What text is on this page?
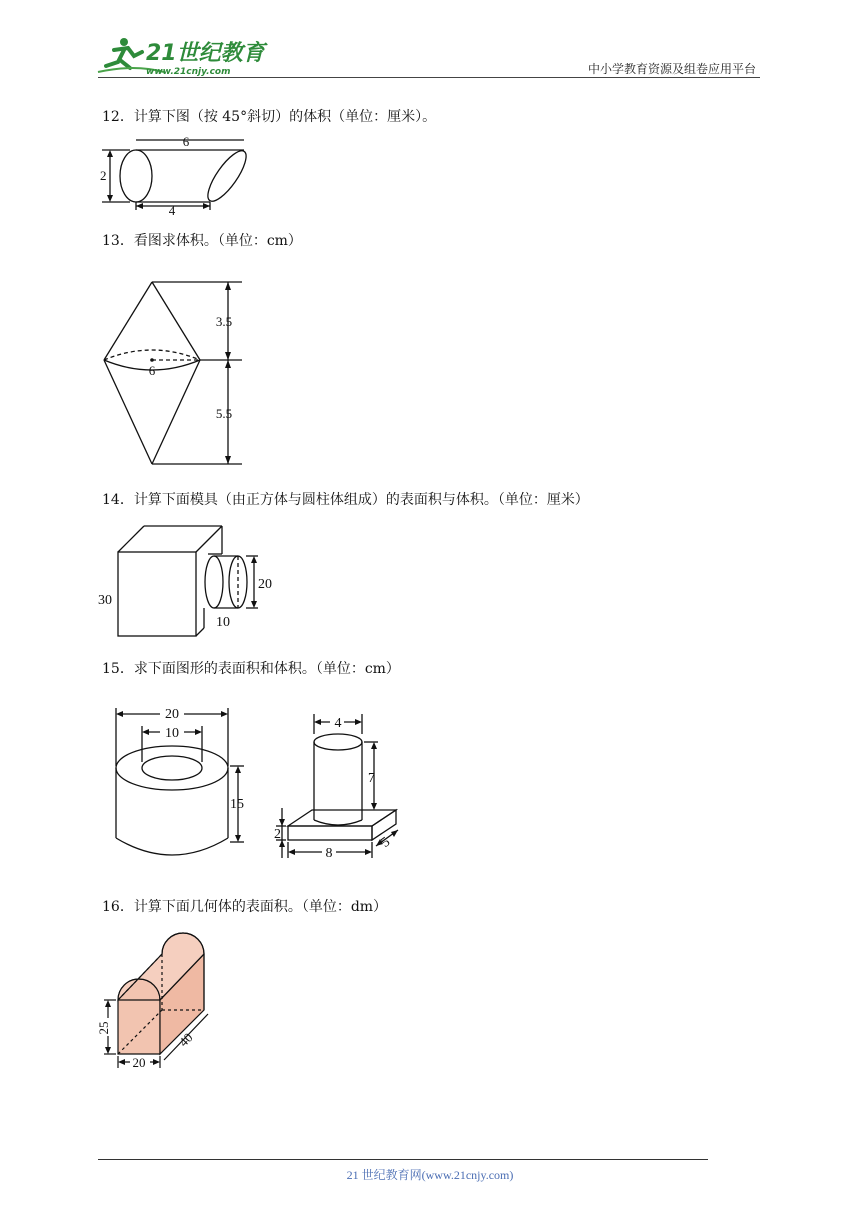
21世纪教育
www.21cnjy.com	中小学教育资源及组卷应用平台
12．计算下图（按 45°斜切）的体积（单位：厘米）。
6
2
4
13．看图求体积。（单位：cm）
3.5
6
5.5
14．计算下面模具（由正方体与圆柱体组成）的表面积与体积。（单位：厘米）
30
20
10
15．求下面图形的表面积和体积。（单位：cm）
20
10
15
4
7
2
8
5
16．计算下面几何体的表面积。（单位：dm）
25
20
40
21 世纪教育网(www.21cnjy.com)
